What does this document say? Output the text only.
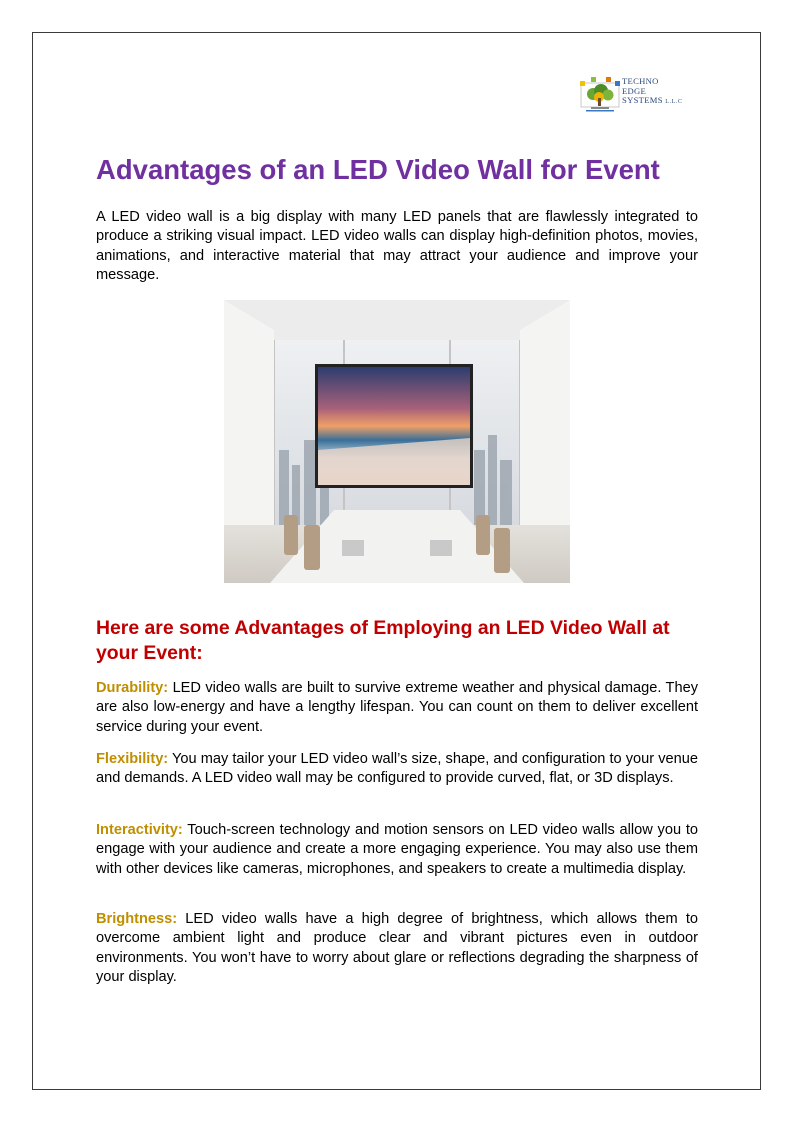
TECHNO
EDGE
SYSTEMS L.L.C
Advantages of an LED Video Wall for Event

A LED video wall is a big display with many LED panels that are flawlessly integrated to produce a striking visual impact. LED video walls can display high-definition photos, movies, animations, and interactive material that may attract your audience and improve your message.

Here are some Advantages of Employing an LED Video Wall at your Event:

Durability: LED video walls are built to survive extreme weather and physical damage. They are also low-energy and have a lengthy lifespan. You can count on them to deliver excellent service during your event.

Flexibility: You may tailor your LED video wall’s size, shape, and configuration to your venue and demands. A LED video wall may be configured to provide curved, flat, or 3D displays.

Interactivity: Touch-screen technology and motion sensors on LED video walls allow you to engage with your audience and create a more engaging experience. You may also use them with other devices like cameras, microphones, and speakers to create a multimedia display.

Brightness: LED video walls have a high degree of brightness, which allows them to overcome ambient light and produce clear and vibrant pictures even in outdoor environments. You won’t have to worry about glare or reflections degrading the sharpness of your display.
